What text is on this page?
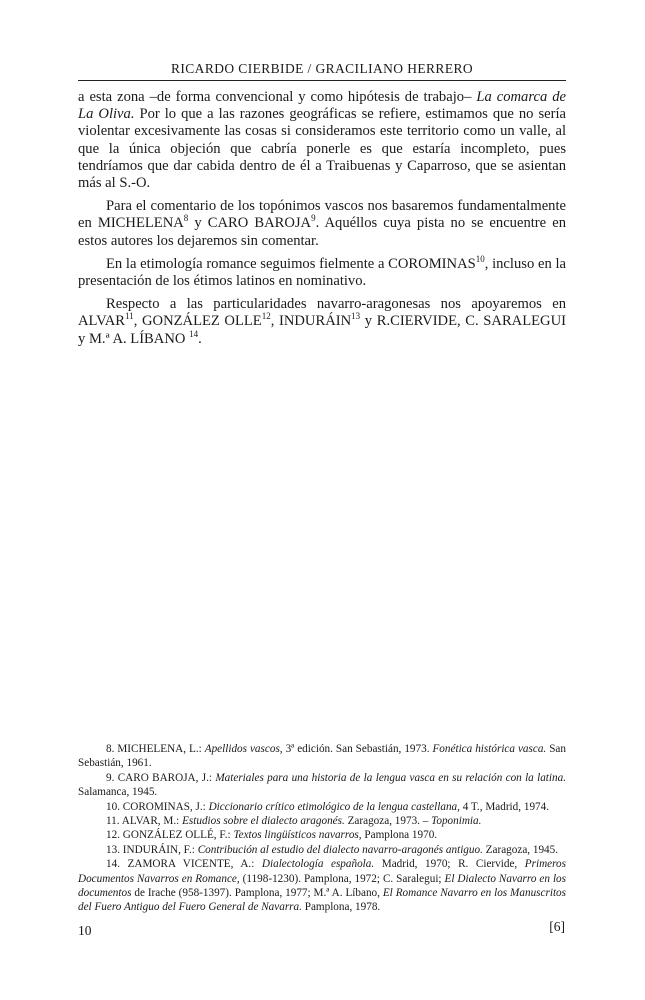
RICARDO CIERBIDE / GRACILIANO HERRERO

a esta zona –de forma convencional y como hipótesis de trabajo– La comarca de La Oliva. Por lo que a las razones geográficas se refiere, estimamos que no sería violentar excesivamente las cosas si consideramos este territorio como un valle, al que la única objeción que cabría ponerle es que estaría incompleto, pues tendríamos que dar cabida dentro de él a Traibuenas y Caparroso, que se asientan más al S.-O.

Para el comentario de los topónimos vascos nos basaremos fundamentalmente en MICHELENA$^8$ y CARO BAROJA$^9$. Aquéllos cuya pista no se encuentre en estos autores los dejaremos sin comentar.

En la etimología romance seguimos fielmente a COROMINAS$^{10}$, incluso en la presentación de los étimos latinos en nominativo.

Respecto a las particularidades navarro-aragonesas nos apoyaremos en ALVAR$^{11}$, GONZÁLEZ OLLE$^{12}$, INDURÁIN$^{13}$ y R.CIERVIDE, C. SARALEGUI y M.ª A. LÍBANO $^{14}$.

8. MICHELENA, L.: Apellidos vascos, 3ª edición. San Sebastián, 1973. Fonética histórica vasca. San Sebastián, 1961.

9. CARO BAROJA, J.: Materiales para una historia de la lengua vasca en su relación con la latina. Salamanca, 1945.

10. COROMINAS, J.: Diccionario crítico etimológico de la lengua castellana, 4 T., Madrid, 1974.

11. ALVAR, M.: Estudios sobre el dialecto aragonés. Zaragoza, 1973. – Toponimia.

12. GONZÁLEZ OLLÉ, F.: Textos lingüísticos navarros, Pamplona 1970.

13. INDURÁIN, F.: Contribución al estudio del dialecto navarro-aragonés antiguo. Zaragoza, 1945.

14. ZAMORA VICENTE, A.: Dialectología española. Madrid, 1970; R. Ciervide, Primeros Documentos Navarros en Romance, (1198-1230). Pamplona, 1972; C. Saralegui; El Dialecto Navarro en los documentos de Irache (958-1397). Pamplona, 1977; M.ª A. Líbano, El Romance Navarro en los Manuscritos del Fuero Antiguo del Fuero General de Navarra. Pamplona, 1978.

10	[6]
